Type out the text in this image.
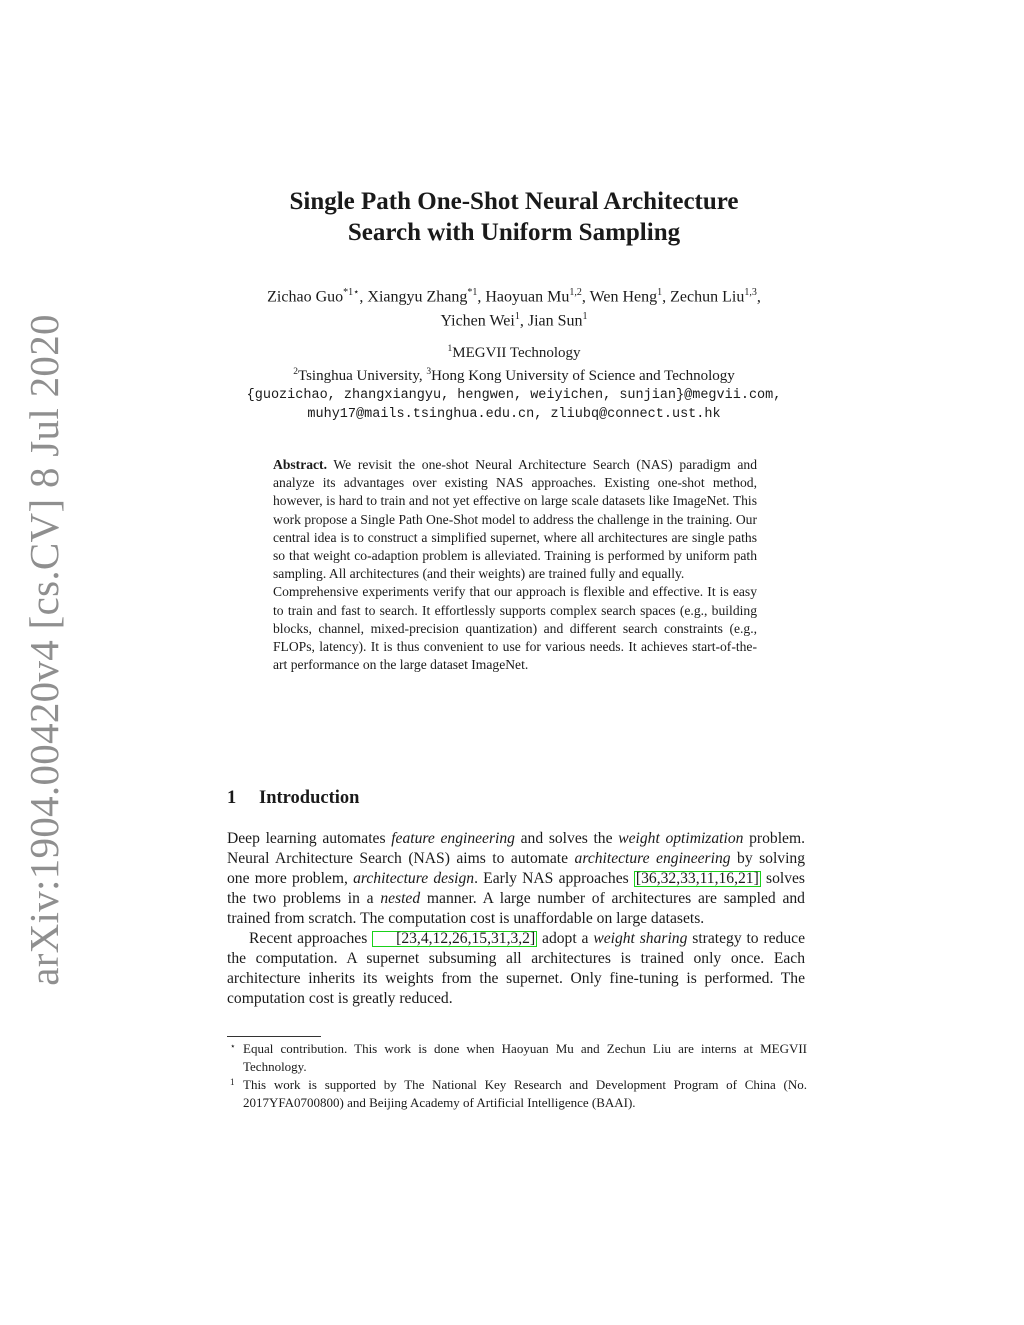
arXiv:1904.00420v4 [cs.CV] 8 Jul 2020
Single Path One-Shot Neural Architecture
Search with Uniform Sampling
Zichao Guo$^{*1⋆}$, Xiangyu Zhang$^{*1}$, Haoyuan Mu$^{1,2}$, Wen Heng$^1$, Zechun Liu$^{1,3}$,
Yichen Wei$^1$, Jian Sun$^1$
$^1$MEGVII Technology
$^2$Tsinghua University, $^3$Hong Kong University of Science and Technology
{guozichao, zhangxiangyu, hengwen, weiyichen, sunjian}@megvii.com,
muhy17@mails.tsinghua.edu.cn, zliubq@connect.ust.hk

Abstract. We revisit the one-shot Neural Architecture Search (NAS) paradigm and analyze its advantages over existing NAS approaches. Existing one-shot method, however, is hard to train and not yet effective on large scale datasets like ImageNet. This work propose a Single Path One-Shot model to address the challenge in the training. Our central idea is to construct a simplified supernet, where all architectures are single paths so that weight co-adaption problem is alleviated. Training is performed by uniform path sampling. All architectures (and their weights) are trained fully and equally.

Comprehensive experiments verify that our approach is flexible and effective. It is easy to train and fast to search. It effortlessly supports complex search spaces (e.g., building blocks, channel, mixed-precision quantization) and different search constraints (e.g., FLOPs, latency). It is thus convenient to use for various needs. It achieves start-of-the-art performance on the large dataset ImageNet.

1 Introduction

Deep learning automates feature engineering and solves the weight optimization problem. Neural Architecture Search (NAS) aims to automate architecture engineering by solving one more problem, architecture design. Early NAS approaches [36,32,33,11,16,21] solves the two problems in a nested manner. A large number of architectures are sampled and trained from scratch. The computation cost is unaffordable on large datasets.

Recent approaches [23,4,12,26,15,31,3,2] adopt a weight sharing strategy to reduce the computation. A supernet subsuming all architectures is trained only once. Each architecture inherits its weights from the supernet. Only fine-tuning is performed. The computation cost is greatly reduced.

⋆ Equal contribution. This work is done when Haoyuan Mu and Zechun Liu are interns at MEGVII Technology.
1 This work is supported by The National Key Research and Development Program of China (No. 2017YFA0700800) and Beijing Academy of Artificial Intelligence (BAAI).
